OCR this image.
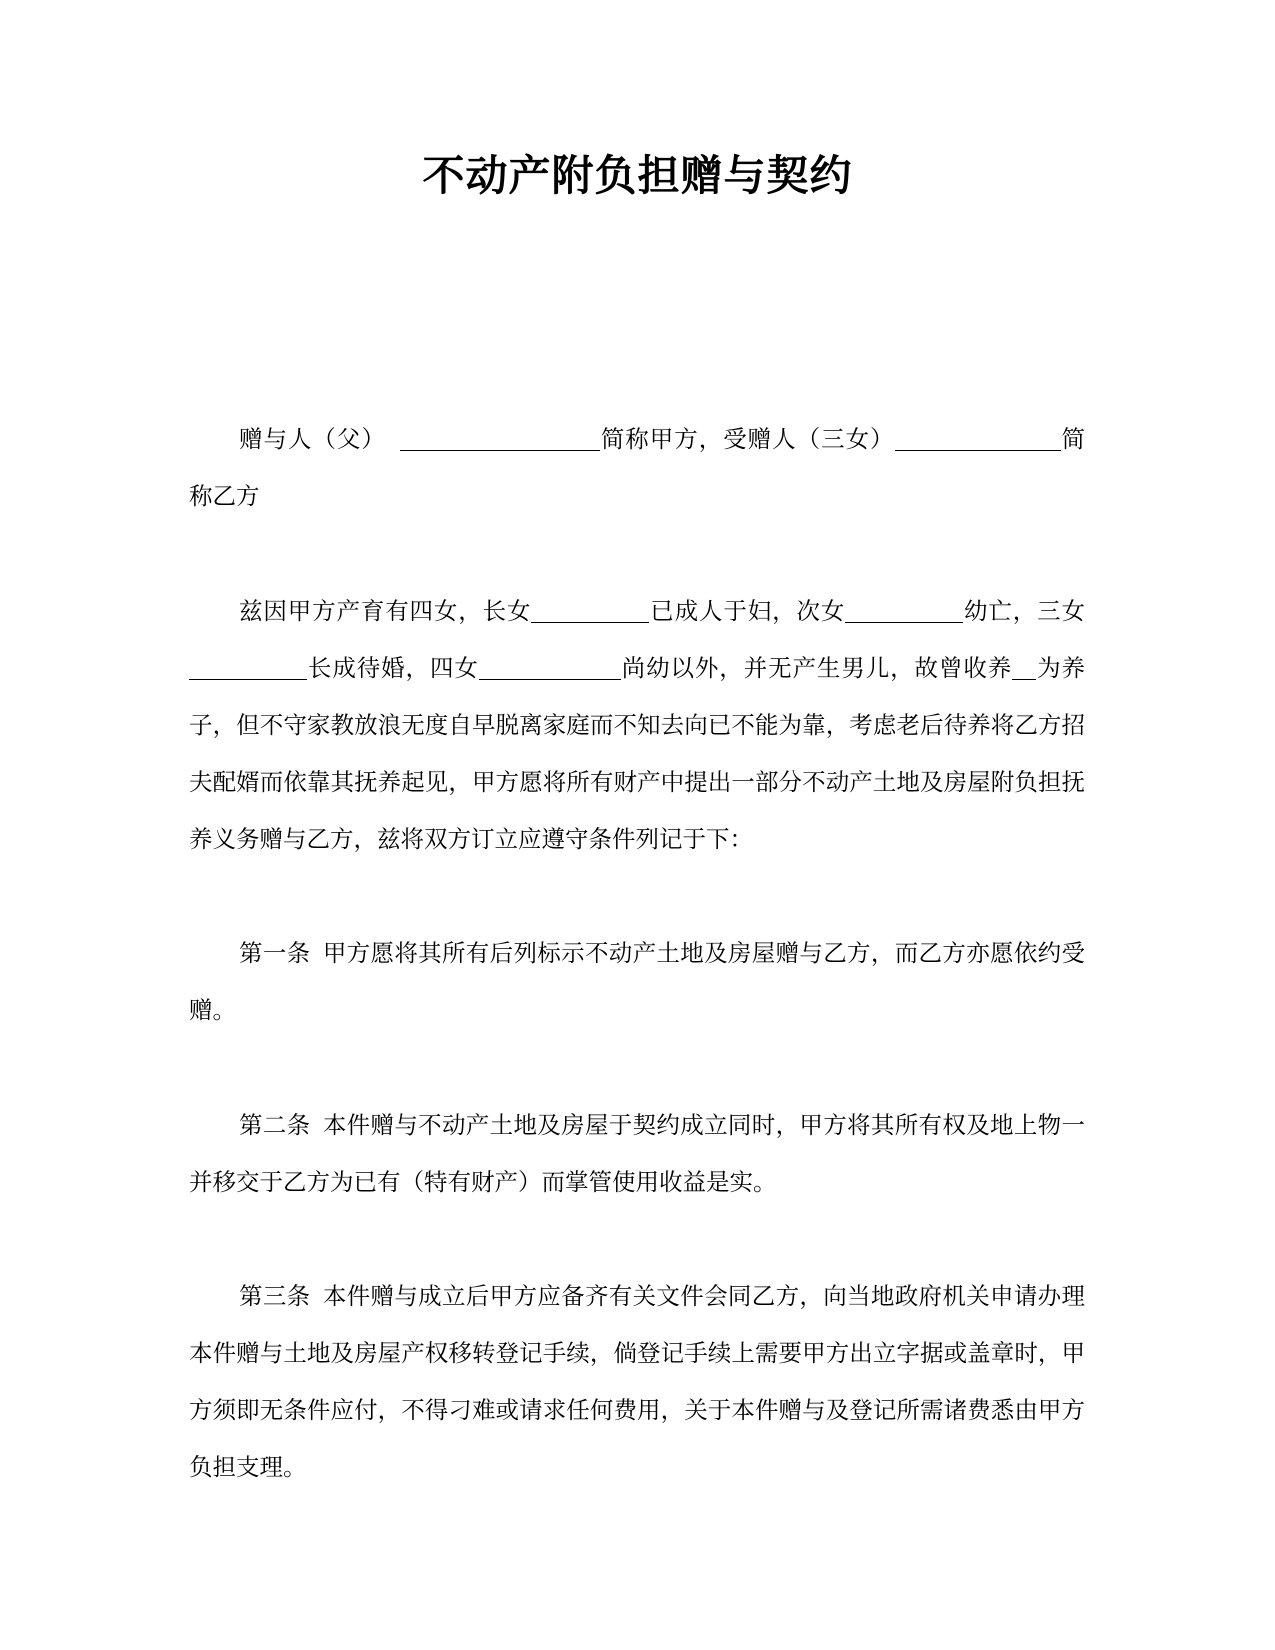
不动产附负担赠与契约

赠与人（父）	简称甲方，受赠人（三女）	简称乙方

兹因甲方产育有四女，长女	已成人于妇，次女	幼亡，三女长成待婚，四女	尚幼以外，并无产生男儿，故曾收养 为养子，但不守家教放浪无度自早脱离家庭而不知去向已不能为靠，考虑老后待养将乙方招夫配婿而依靠其抚养起见，甲方愿将所有财产中提出一部分不动产土地及房屋附负担抚养义务赠与乙方，兹将双方订立应遵守条件列记于下：

第一条 甲方愿将其所有后列标示不动产土地及房屋赠与乙方，而乙方亦愿依约受赠。

第二条 本件赠与不动产土地及房屋于契约成立同时，甲方将其所有权及地上物一并移交于乙方为已有（特有财产）而掌管使用收益是实。

第三条 本件赠与成立后甲方应备齐有关文件会同乙方，向当地政府机关申请办理本件赠与土地及房屋产权移转登记手续，倘登记手续上需要甲方出立字据或盖章时，甲方须即无条件应付，不得刁难或请求任何费用，关于本件赠与及登记所需诸费悉由甲方负担支理。
